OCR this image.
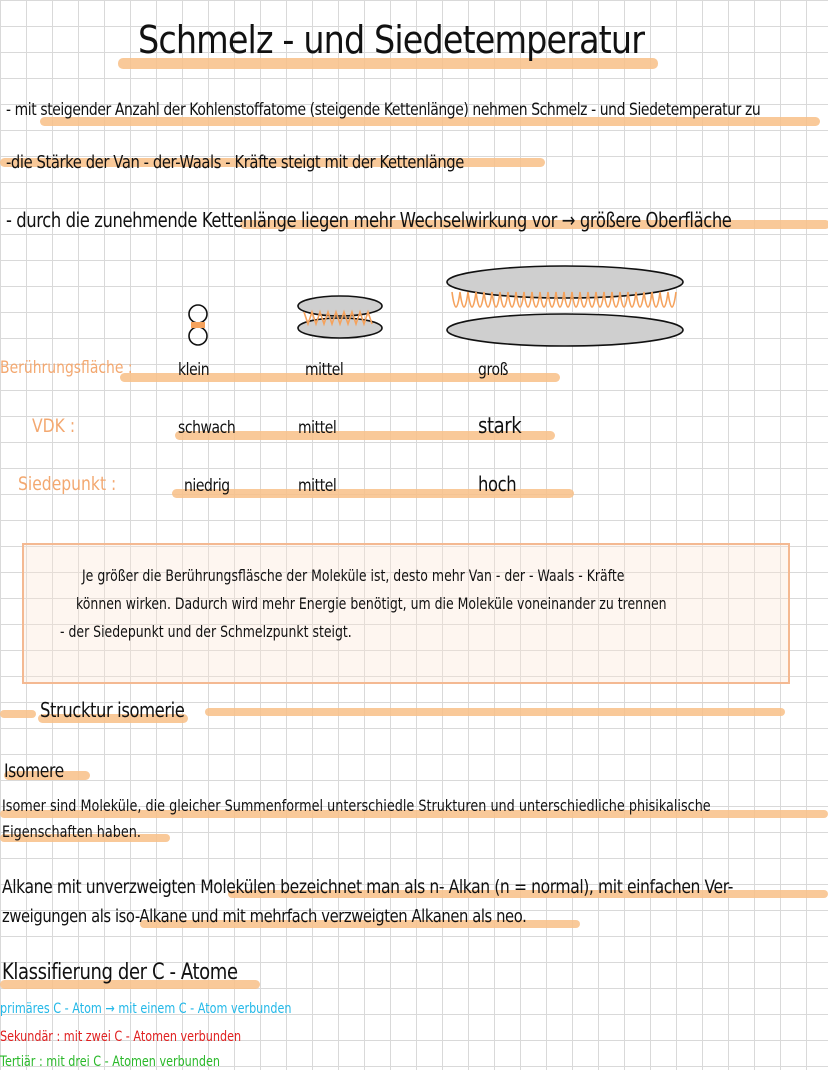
Schmelz - und Siedetemperatur
- mit steigender Anzahl der Kohlenstoffatome (steigende Kettenlänge) nehmen Schmelz - und Siedetemperatur zu
-die Stärke der Van - der-Waals - Kräfte steigt mit der Kettenlänge
- durch die zunehmende Kettenlänge liegen mehr Wechselwirkung vor → größere Oberfläche
Berührungsfläche :	klein	mittel	groß
VDK :	schwach	mittel	stark
Siedepunkt :	niedrig	mittel	hoch
Je größer die Berührungsfläsche der Moleküle ist, desto mehr Van - der - Waals - Kräfte
können wirken. Dadurch wird mehr Energie benötigt, um die Moleküle voneinander zu trennen
- der Siedepunkt und der Schmelzpunkt steigt.
Strucktur isomerie
Isomere
Isomer sind Moleküle, die gleicher Summenformel unterschiedle Strukturen und unterschiedliche phisikalische
Eigenschaften haben.
Alkane mit unverzweigten Molekülen bezeichnet man als n- Alkan (n = normal), mit einfachen Ver-
zweigungen als iso-Alkane und mit mehrfach verzweigten Alkanen als neo.
Klassifierung der C - Atome
primäres C - Atom → mit einem C - Atom verbunden
Sekundär : mit zwei C - Atomen verbunden
Tertiär : mit drei C - Atomen verbunden
